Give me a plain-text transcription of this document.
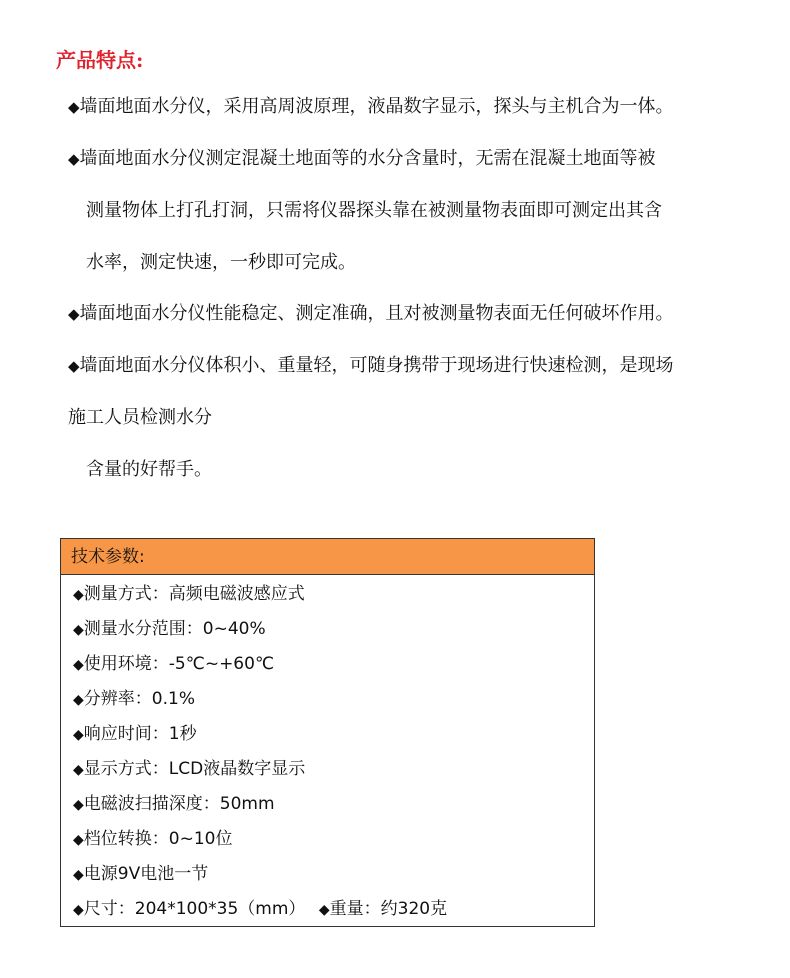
产品特点:
◆墙面地面水分仪，采用高周波原理，液晶数字显示，探头与主机合为一体。
◆墙面地面水分仪测定混凝土地面等的水分含量时，无需在混凝土地面等被
测量物体上打孔打洞，只需将仪器探头靠在被测量物表面即可测定出其含
水率，测定快速，一秒即可完成。
◆墙面地面水分仪性能稳定、测定准确，且对被测量物表面无任何破坏作用。
◆墙面地面水分仪体积小、重量轻，可随身携带于现场进行快速检测，是现场
施工人员检测水分
含量的好帮手。
技术参数:
◆测量方式：高频电磁波感应式
◆测量水分范围：0~40%
◆使用环境：-5℃~+60℃
◆分辨率：0.1%
◆响应时间：1秒
◆显示方式：LCD液晶数字显示
◆电磁波扫描深度：50mm
◆档位转换：0~10位
◆电源9V电池一节
◆尺寸：204*100*35（mm） ◆重量：约320克
